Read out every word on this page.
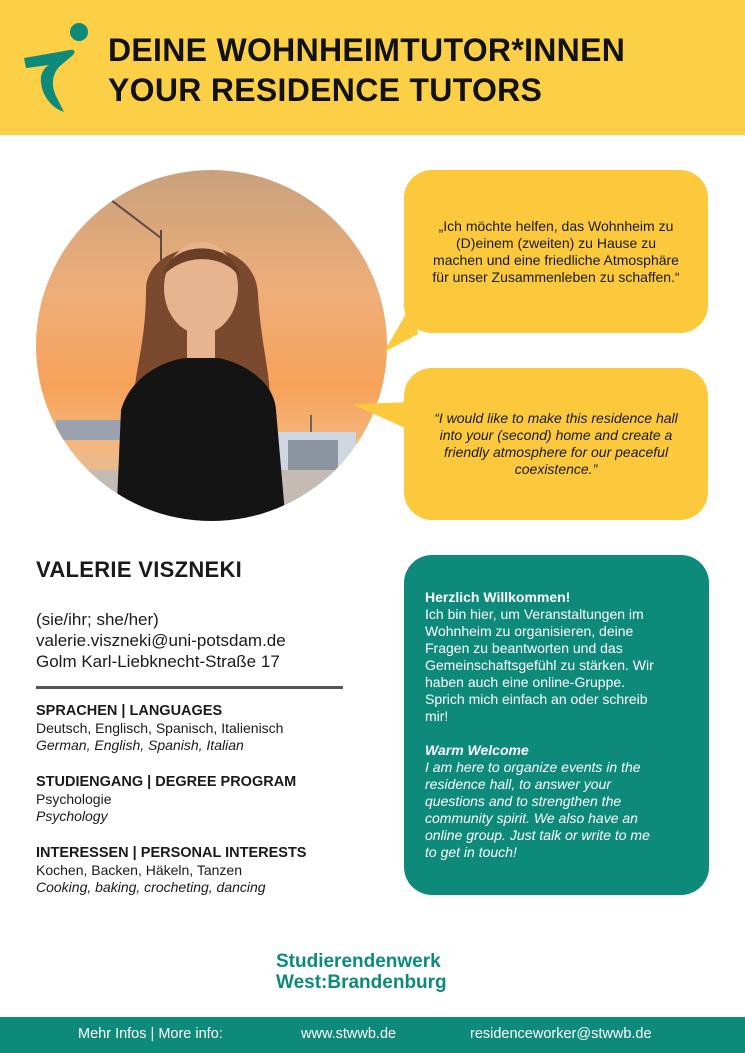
DEINE WOHNHEIMTUTOR*INNEN
YOUR RESIDENCE TUTORS
„Ich möchte helfen, das Wohnheim zu (D)einem (zweiten) zu Hause zu machen und eine friedliche Atmosphäre für unser Zusammenleben zu schaffen.“
“I would like to make this residence hall into your (second) home and create a friendly atmosphere for our peaceful coexistence.”
VALERIE VISZNEKI
(sie/ihr; she/her)
valerie.viszneki@uni-potsdam.de
Golm Karl-Liebknecht-Straße 17
SPRACHEN | LANGUAGES
Deutsch, Englisch, Spanisch, Italienisch
German, English, Spanish, Italian
STUDIENGANG | DEGREE PROGRAM
Psychologie
Psychology
INTERESSEN | PERSONAL INTERESTS
Kochen, Backen, Häkeln, Tanzen
Cooking, baking, crocheting, dancing
Herzlich Willkommen!
Ich bin hier, um Veranstaltungen im
Wohnheim zu organisieren, deine
Fragen zu beantworten und das
Gemeinschaftsgefühl zu stärken. Wir
haben auch eine online-Gruppe.
Sprich mich einfach an oder schreib
mir!
Warm Welcome
I am here to organize events in the
residence hall, to answer your
questions and to strengthen the
community spirit. We also have an
online group. Just talk or write to me
to get in touch!
Studierendenwerk
West:Brandenburg
Mehr Infos | More info:	www.stwwb.de	residenceworker@stwwb.de
